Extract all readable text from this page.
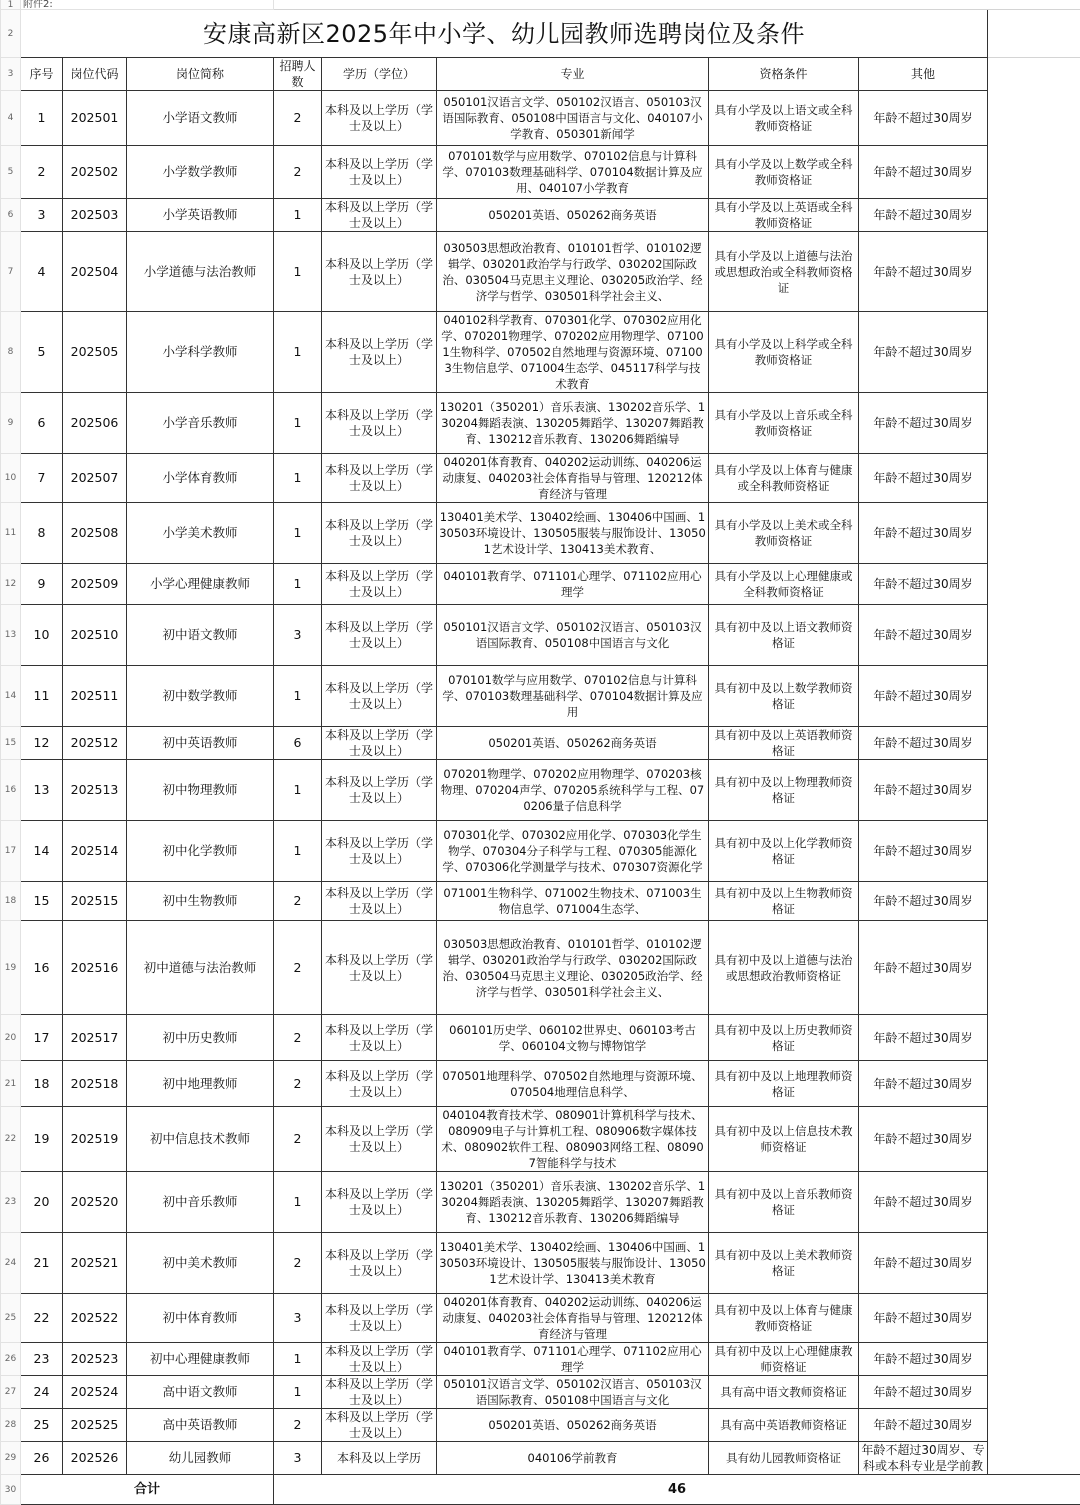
1	附件2:								
2	安康高新区2025年中小学、幼儿园教师选聘岗位及条件								
3	序号	岗位代码	岗位简称	招聘人数	学历（学位）	专业	资格条件	其他	
4	1	202501	小学语文教师	2	本科及以上学历（学士及以上）	050101汉语言文学、050102汉语言、050103汉语国际教育、050108中国语言与文化、040107小学教育、050301新闻学	具有小学及以上语文或全科教师资格证	年龄不超过30周岁	
5	2	202502	小学数学教师	2	本科及以上学历（学士及以上）	070101数学与应用数学、070102信息与计算科学、070103数理基础科学、070104数据计算及应用、040107小学教育	具有小学及以上数学或全科教师资格证	年龄不超过30周岁	
6	3	202503	小学英语教师	1	本科及以上学历（学士及以上）	050201英语、050262商务英语	具有小学及以上英语或全科教师资格证	年龄不超过30周岁	
7	4	202504	小学道德与法治教师	1	本科及以上学历（学士及以上）	030503思想政治教育、010101哲学、010102逻辑学、030201政治学与行政学、030202国际政治、030504马克思主义理论、030205政治学、经济学与哲学、030501科学社会主义、	具有小学及以上道德与法治或思想政治或全科教师资格证	年龄不超过30周岁	
8	5	202505	小学科学教师	1	本科及以上学历（学士及以上）	040102科学教育、070301化学、070302应用化学、070201物理学、070202应用物理学、071001生物科学、070502自然地理与资源环境、071003生物信息学、071004生态学、045117科学与技术教育	具有小学及以上科学或全科教师资格证	年龄不超过30周岁	
9	6	202506	小学音乐教师	1	本科及以上学历（学士及以上）	130201（350201）音乐表演、130202音乐学、130204舞蹈表演、130205舞蹈学、130207舞蹈教育、130212音乐教育、130206舞蹈编导	具有小学及以上音乐或全科教师资格证	年龄不超过30周岁	
10	7	202507	小学体育教师	1	本科及以上学历（学士及以上）	040201体育教育、040202运动训练、040206运动康复、040203社会体育指导与管理、120212体育经济与管理	具有小学及以上体育与健康或全科教师资格证	年龄不超过30周岁	
11	8	202508	小学美术教师	1	本科及以上学历（学士及以上）	130401美术学、130402绘画、130406中国画、130503环境设计、130505服装与服饰设计、130501艺术设计学、130413美术教育、	具有小学及以上美术或全科教师资格证	年龄不超过30周岁	
12	9	202509	小学心理健康教师	1	本科及以上学历（学士及以上）	040101教育学、071101心理学、071102应用心理学	具有小学及以上心理健康或全科教师资格证	年龄不超过30周岁	
13	10	202510	初中语文教师	3	本科及以上学历（学士及以上）	050101汉语言文学、050102汉语言、050103汉语国际教育、050108中国语言与文化	具有初中及以上语文教师资格证	年龄不超过30周岁	
14	11	202511	初中数学教师	1	本科及以上学历（学士及以上）	070101数学与应用数学、070102信息与计算科学、070103数理基础科学、070104数据计算及应用	具有初中及以上数学教师资格证	年龄不超过30周岁	
15	12	202512	初中英语教师	6	本科及以上学历（学士及以上）	050201英语、050262商务英语	具有初中及以上英语教师资格证	年龄不超过30周岁	
16	13	202513	初中物理教师	1	本科及以上学历（学士及以上）	070201物理学、070202应用物理学、070203核物理、070204声学、070205系统科学与工程、070206量子信息科学	具有初中及以上物理教师资格证	年龄不超过30周岁	
17	14	202514	初中化学教师	1	本科及以上学历（学士及以上）	070301化学、070302应用化学、070303化学生物学、070304分子科学与工程、070305能源化学、070306化学测量学与技术、070307资源化学	具有初中及以上化学教师资格证	年龄不超过30周岁	
18	15	202515	初中生物教师	2	本科及以上学历（学士及以上）	071001生物科学、071002生物技术、071003生物信息学、071004生态学、	具有初中及以上生物教师资格证	年龄不超过30周岁	
19	16	202516	初中道德与法治教师	2	本科及以上学历（学士及以上）	030503思想政治教育、010101哲学、010102逻辑学、030201政治学与行政学、030202国际政治、030504马克思主义理论、030205政治学、经济学与哲学、030501科学社会主义、	具有初中及以上道德与法治或思想政治教师资格证	年龄不超过30周岁	
20	17	202517	初中历史教师	2	本科及以上学历（学士及以上）	060101历史学、060102世界史、060103考古学、060104文物与博物馆学	具有初中及以上历史教师资格证	年龄不超过30周岁	
21	18	202518	初中地理教师	2	本科及以上学历（学士及以上）	070501地理科学、070502自然地理与资源环境、070504地理信息科学、	具有初中及以上地理教师资格证	年龄不超过30周岁	
22	19	202519	初中信息技术教师	2	本科及以上学历（学士及以上）	040104教育技术学、080901计算机科学与技术、080909电子与计算机工程、080906数字媒体技术、080902软件工程、080903网络工程、080907智能科学与技术	具有初中及以上信息技术教师资格证	年龄不超过30周岁	
23	20	202520	初中音乐教师	1	本科及以上学历（学士及以上）	130201（350201）音乐表演、130202音乐学、130204舞蹈表演、130205舞蹈学、130207舞蹈教育、130212音乐教育、130206舞蹈编导	具有初中及以上音乐教师资格证	年龄不超过30周岁	
24	21	202521	初中美术教师	2	本科及以上学历（学士及以上）	130401美术学、130402绘画、130406中国画、130503环境设计、130505服装与服饰设计、130501艺术设计学、130413美术教育	具有初中及以上美术教师资格证	年龄不超过30周岁	
25	22	202522	初中体育教师	3	本科及以上学历（学士及以上）	040201体育教育、040202运动训练、040206运动康复、040203社会体育指导与管理、120212体育经济与管理	具有初中及以上体育与健康教师资格证	年龄不超过30周岁	
26	23	202523	初中心理健康教师	1	本科及以上学历（学士及以上）	040101教育学、071101心理学、071102应用心理学	具有初中及以上心理健康教师资格证	年龄不超过30周岁	
27	24	202524	高中语文教师	1	本科及以上学历（学士及以上）	050101汉语言文学、050102汉语言、050103汉语国际教育、050108中国语言与文化	具有高中语文教师资格证	年龄不超过30周岁	
28	25	202525	高中英语教师	2	本科及以上学历（学士及以上）	050201英语、050262商务英语	具有高中英语教师资格证	年龄不超过30周岁	
29	26	202526	幼儿园教师	3	本科及以上学历	040106学前教育	具有幼儿园教师资格证	年龄不超过30周岁、专科或本科专业是学前教	
30	合计			46					
